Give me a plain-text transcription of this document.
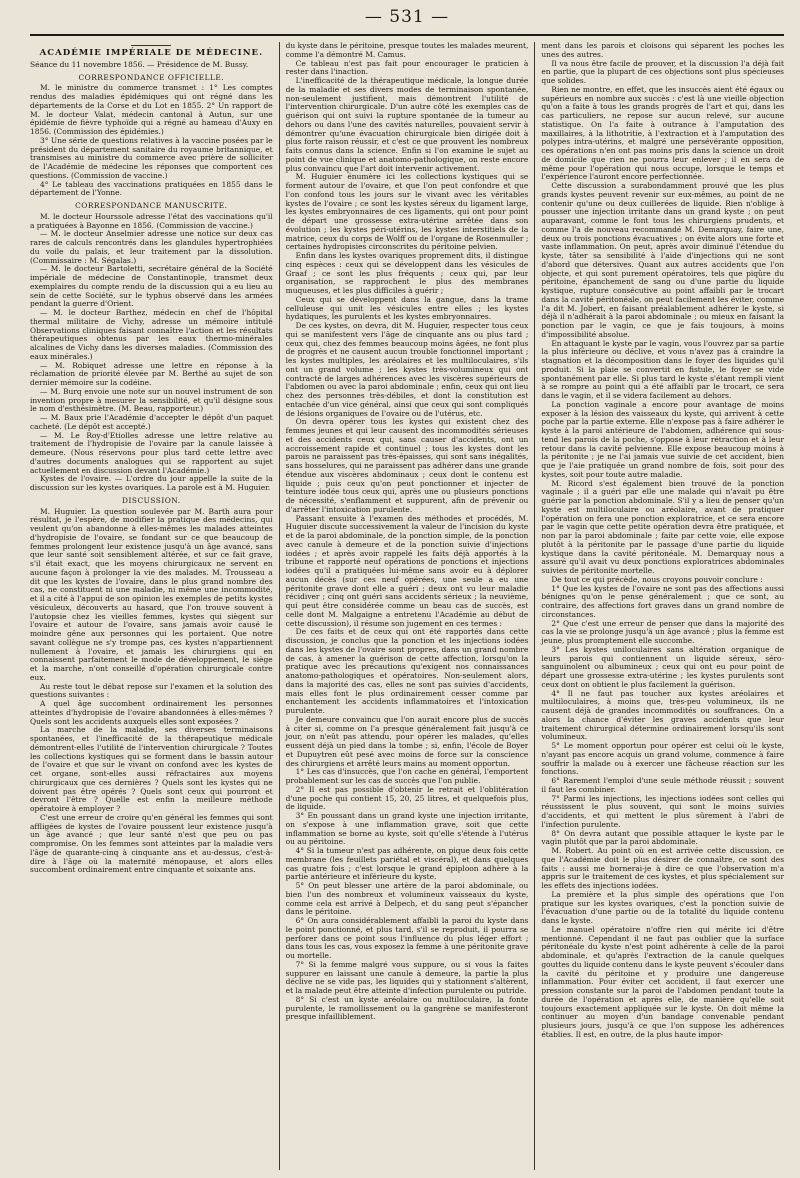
— 531 —
ACADÉMIE IMPÉRIALE DE MÉDECINE.

Séance du 11 novembre 1856. — Présidence de M. Bussy.

CORRESPONDANCE OFFICIELLE.

M. le ministre du commerce transmet : 1° Les comptes rendus des maladies épidémiques qui ont régné dans les départements de la Corse et du Lot en 1855. 2° Un rapport de M. le docteur Valat, médecin cantonal à Autun, sur une épidémie de fièvre typhoïde qui a régné au hameau d'Auxy en 1856. (Commission des épidémies.)

3° Une série de questions relatives à la vaccine posées par le président du département sanitaire du royaume britannique, et transmises au ministre du commerce avec prière de solliciter de l'Académie de médecine les réponses que comportent ces questions. (Commission de vaccine.)

4° Le tableau des vaccinations pratiquées en 1855 dans le département de l'Yonne.

CORRESPONDANCE MANUSCRITE.

M. le docteur Hourssole adresse l'état des vaccinations qu'il a pratiquées à Bayonne en 1856. (Commission de vaccine.)

— M. le docteur Anselmier adresse une notice sur deux cas rares de calculs rencontrés dans les glandules hypertrophiées du voile du palais, et leur traitement par la dissolution. (Commissaire : M. Ségalas.)

— M. le docteur Bartoletti, secrétaire général de la Société impériale de médecine de Constantinople, transmet deux exemplaires du compte rendu de la discussion qui a eu lieu au sein de cette Société, sur le typhus observé dans les armées pendant la guerre d'Orient.

— M. le docteur Barthez, médecin en chef de l'hôpital thermal militaire de Vichy, adresse un mémoire intitulé Observations cliniques faisant connaître l'action et les résultats thérapeutiques obtenus par les eaux thermo-minérales alcalines de Vichy dans les diverses maladies. (Commission des eaux minérales.)

— M. Robiquet adresse une lettre en réponse à la réclamation de priorité élevée par M. Berthé au sujet de son dernier mémoire sur la codéine.

— M. Burq envoie une note sur un nouvel instrument de son invention propre à mesurer la sensibilité, et qu'il désigne sous le nom d'esthésimètre. (M. Beau, rapporteur.)

— M. Baux prie l'Académie d'accepter le dépôt d'un paquet cacheté. (Le dépôt est accepté.)

— M. Le Roy-d'Etiolles adresse une lettre relative au traitement de l'hydropisie de l'ovaire par la canule laissée à demeure. (Nous réservons pour plus tard cette lettre avec d'autres documents analogues qui se rapportent au sujet actuellement en discussion devant l'Académie.)

Kystes de l'ovaire. — L'ordre du jour appelle la suite de la discussion sur les kystes ovariques. La parole est à M. Huguier.

DISCUSSION.

M. Huguier. La question soulevée par M. Barth aura pour résultat, je l'espère, de modifier la pratique des médecins, qui veulent qu'on abandonne à elles-mêmes les malades atteintes d'hydropisie de l'ovaire, se fondant sur ce que beaucoup de femmes prolongent leur existence jusqu'à un âge avancé, sans que leur santé soit sensiblement altérée, et sur ce fait grave, s'il était exact, que les moyens chirurgicaux ne servent en aucune façon à prolonger la vie des malades. M. Trousseau a dit que les kystes de l'ovaire, dans le plus grand nombre des cas, ne constituent ni une maladie, ni même une incommodité, et il a cité à l'appui de son opinion les exemples de petits kystes vésiculeux, découverts au hasard, que l'on trouve souvent à l'autopsie chez les vieilles femmes, kystes qui siègent sur l'ovaire et autour de l'ovaire, sans jamais avoir causé le moindre gêne aux personnes qui les portaient. Que notre savant collègue ne s'y trompe pas, ces kystes n'appartiennent nullement à l'ovaire, et jamais les chirurgiens qui en connaissent parfaitement le mode de développement, le siège et la marche, n'ont conseillé d'opération chirurgicale contre eux.

Au reste tout le débat repose sur l'examen et la solution des questions suivantes :

A quel âge succombent ordinairement les personnes atteintes d'hydropisie de l'ovaire abandonnées à elles-mêmes ? Quels sont les accidents auxquels elles sont exposées ?

La marche de la maladie, ses diverses terminaisons spontanées, et l'inefficacité de la thérapeutique médicale démontrent-elles l'utilité de l'intervention chirurgicale ? Toutes les collections kystiques qui se forment dans le bassin autour de l'ovaire et que sur le vivant on confond avec les kystes de cet organe, sont-elles aussi réfractaires aux moyens chirurgicaux que ces dernières ? Quels sont les kystes qui ne doivent pas être opérés ? Quels sont ceux qui pourront et devront l'être ? Quelle est enfin la meilleure méthode opératoire à employer ?

C'est une erreur de croire qu'en général les femmes qui sont affligées de kystes de l'ovaire poussent leur existence jusqu'à un âge avancé ; que leur santé n'est que peu ou pas compromise. On les femmes sont atteintes par la maladie vers l'âge de quarante-cinq à cinquante ans et au-dessus, c'est-à-dire à l'âge où la maternité ménopause, et alors elles succombent ordinairement entre cinquante et soixante ans.

du kyste dans le péritoine, presque toutes les malades meurent, comme l'a démontré M. Camus.

Ce tableau n'est pas fait pour encourager le praticien à rester dans l'inaction.

L'inefficacité de la thérapeutique médicale, la longue durée de la maladie et ses divers modes de terminaison spontanée, non-seulement justifient, mais démontrent l'utilité de l'intervention chirurgicale. D'un autre côté les exemples cas de guérison qui ont suivi la rupture spontanée de la tumeur au dehors ou dans l'une des cavités naturelles, pouvaient servir à démontrer qu'une évacuation chirurgicale bien dirigée doit à plus forte raison réussir, et c'est ce que prouvent les nombreux faits connus dans la science. Enfin si l'on examine le sujet au point de vue clinique et anatomo-pathologique, on reste encore plus convaincu que l'art doit intervenir activement.

M. Huguier énumère ici les collections kystiques qui se forment autour de l'ovaire, et que l'on peut confondre et que l'on confond tous les jours sur le vivant avec les véritables kystes de l'ovaire ; ce sont les kystes séreux du ligament large, les kystes embryonnaires de ces ligaments, qui ont pour point de départ une grossesse extra-utérine arrêtée dans son évolution ; les kystes péri-utérins, les kystes interstitiels de la matrice, ceux du corps de Wolff ou de l'organe de Rosenmuller ; certaines hydropisies circonscrites du péritoine pelvien.

Enfin dans les kystes ovariques proprement dits, il distingue cinq espèces : ceux qui se développent dans les vésicules de Graaf ; ce sont les plus fréquents ; ceux qui, par leur organisation, se rapprochent le plus des membranes muqueuses, et les plus difficiles à guérir ;

Ceux qui se développent dans la gangue, dans la trame celluleuse qui unit les vésicules entre elles ; les kystes hydatiques, les purulents et les kystes embryonnaires.

De ces kystes, on devra, dit M. Huguier, respecter tous ceux qui se manifestent vers l'âge de cinquante ans ou plus tard ; ceux qui, chez des femmes beaucoup moins âgées, ne font plus de progrès et ne causent aucun trouble fonctionnel important ; les kystes multiples, les aréolaires et les multiloculaires, s'ils ont un grand volume ; les kystes très-volumineux qui ont contracté de larges adhérences avec les viscères supérieurs de l'abdomen ou avec la paroi abdominale ; enfin, ceux qui ont lieu chez des personnes très-débiles, et dont la constitution est entachée d'un vice général, ainsi que ceux qui sont compliqués de lésions organiques de l'ovaire ou de l'utérus, etc.

On devra opérer tous les kystes qui existent chez des femmes jeunes et qui leur causent des incommodités sérieuses et des accidents ceux qui, sans causer d'accidents, ont un accroissement rapide et continuel ; tous les kystes dont les parois ne paraissent pas très-épaisses, qui sont sans inégalités, sans bosselures, qui ne paraissent pas adhérer dans une grande étendue aux viscères abdominaux ; ceux dont le contenu est liquide ; puis ceux qu'on peut ponctionner et injecter de teinture iodée tous ceux qui, après une ou plusieurs ponctions de nécessité, s'enflamment et suppurent, afin de prévenir ou d'arrêter l'intoxication purulente.

Passant ensuite à l'examen des méthodes et procédés, M. Huguier discute successivement la valeur de l'incision du kyste et de la paroi abdominale, de la ponction simple, de la ponction avec canule à demeure et de la ponction suivie d'injections iodées ; et après avoir rappelé les faits déjà apportés à la tribune et rapporté neuf opérations de ponctions et injections iodées qu'il a pratiquées lui-même sans avoir eu à déplorer aucun décès (sur ces neuf opérées, une seule a eu une péritonite grave dont elle a guéri ; deux ont vu leur maladie récidiver ; cinq ont guéri sans accidents sérieux ; la neuvième, qui peut être considérée comme un beau cas de succès, est celle dont M. Malgaigne a entretenu l'Académie au début de cette discussion), il résume son jugement en ces termes :

De ces faits et de ceux qui ont été rapportés dans cette discussion, je conclus que la ponction et les injections iodées dans les kystes de l'ovaire sont propres, dans un grand nombre de cas, à amener la guérison de cette affection, lorsqu'on la pratique avec les précautions qu'exigent nos connaissances anatomo-pathologiques et opératoires. Non-seulement alors, dans la majorité des cas, elles ne sont pas suivies d'accidents, mais elles font le plus ordinairement cesser comme par enchantement les accidents inflammatoires et l'intoxication purulente.

Je demeure convaincu que l'on aurait encore plus de succès à citer si, comme on l'a presque généralement fait jusqu'à ce jour, on n'eût pas attendu, pour opérer les malades, qu'elles eussent déjà un pied dans la tombe ; si, enfin, l'école de Boyer et Dupuytren eût pesé avec moins de force sur la conscience des chirurgiens et arrêté leurs mains au moment opportun.

1° Les cas d'insuccès, que l'on cache en général, l'emportent probablement sur les cas de succès que l'on publie.

2° Il est pas possible d'obtenir le retrait et l'oblitération d'une poche qui contient 15, 20, 25 litres, et quelquefois plus, de liquide.

3° En poussant dans un grand kyste une injection irritante, on s'expose à une inflammation grave, soit que cette inflammation se borne au kyste, soit qu'elle s'étende à l'utérus ou au péritoine.

4° Si la tumeur n'est pas adhérente, on pique deux fois cette membrane (les feuillets pariétal et viscéral), et dans quelques cas quatre fois ; c'est lorsque le grand épiploon adhère à la partie antérieure et inférieure du kyste.

5° On peut blesser une artère de la paroi abdominale, ou bien l'un des nombreux et volumineux vaisseaux du kyste, comme cela est arrivé à Delpech, et du sang peut s'épancher dans le péritoine.

6° On aura considérablement affaibli la paroi du kyste dans le point ponctionné, et plus tard, s'il se reproduit, il pourra se perforer dans ce point sous l'influence du plus léger effort ; dans tous les cas, vous exposez la femme à une péritonite grave ou mortelle.

7° Si la femme malgré vous suppure, ou si vous la faites suppurer en laissant une canule à demeure, la partie la plus déclive ne se vide pas, les liquides qui y stationnent s'altèrent, et la malade peut être atteinte d'infection purulente ou putride.

8° Si c'est un kyste aréolaire ou multiloculaire, la fonte purulente, le ramollissement ou la gangrène se manifesteront presque infailliblement.

ment dans les parois et cloisons qui séparent les poches les unes des autres.

Il va nous être facile de prouver, et la discussion l'a déjà fait en partie, que la plupart de ces objections sont plus spécieuses que solides.

Rien ne montre, en effet, que les insuccès aient été égaux ou supérieurs en nombre aux succès : c'est là une vieille objection qu'on a faite à tous les grands progrès de l'art et qui, dans les cas particuliers, ne repose sur aucun relevé, sur aucune statistique. On l'a faite à outrance à l'amputation des maxillaires, à la lithotritie, à l'extraction et à l'amputation des polypes intra-utérins, et malgré une persévérante opposition, ces opérations n'en ont pas moins pris dans la science un droit de domicile que rien ne pourra leur enlever ; il en sera de même pour l'opération qui nous occupe, lorsque le temps et l'expérience l'auront encore perfectionnée.

Cette discussion a surabondamment prouvé que les plus grands kystes peuvent revenir sur eux-mêmes, au point de ne contenir qu'une ou deux cuillerées de liquide. Rien n'oblige à pousser une injection irritante dans un grand kyste ; on peut auparavant, comme le font tous les chirurgiens prudents, et comme l'a de nouveau recommandé M. Demarquay, faire une, deux ou trois ponctions évacuatives ; on évite alors une forte et vaste inflammation. On peut, après avoir diminué l'étendue du kyste, tâter sa sensibilité à l'aide d'injections qui ne sont d'abord que détersives. Quant aux autres accidents que l'on objecte, et qui sont purement opératoires, tels que piqûre du péritoine, épanchement de sang ou d'une partie du liquide kystique, rupture consécutive au point affaibli par le trocart dans la cavité péritonéale, on peut facilement les éviter, comme l'a dit M. Jobert, en faisant préalablement adhérer le kyste, si déjà il n'adhérait à la paroi abdominale ; ou mieux en faisant la ponction par le vagin, ce que je fais toujours, à moins d'impossibilité absolue.

En attaquant le kyste par le vagin, vous l'ouvrez par sa partie la plus inférieure ou déclive, et vous n'avez pas à craindre la stagnation et la décomposition dans le foyer des liquides qu'il produit. Si la plaie se convertit en fistule, le foyer se vide spontanément par elle. Si plus tard le kyste s'étant rempli vient à se rompre au point qui a été affaibli par le trocart, ce sera dans le vagin, et il se videra facilement au dehors.

La ponction vaginale a encore pour avantage de moins exposer à la lésion des vaisseaux du kyste, qui arrivent à cette poche par la partie externe. Elle n'expose pas à faire adhérer le kyste à la paroi antérieure de l'abdomen, adhérence qui sous-tend les parois de la poche, s'oppose à leur rétraction et à leur retour dans la cavité pelvienne. Elle expose beaucoup moins à la péritonite ; je ne l'ai jamais vue suivie de cet accident, bien que je l'aie pratiquée un grand nombre de fois, soit pour des kystes, soit pour toute autre maladie.

M. Ricord s'est également bien trouvé de la ponction vaginale ; il a guéri par elle une malade qui n'avait pu être guérie par la ponction abdominale. S'il y a lieu de penser qu'un kyste est multiloculaire ou aréolaire, avant de pratiquer l'opération on fera une ponction exploratrice, et ce sera encore par le vagin que cette petite opération devra être pratiquée, et non par la paroi abdominale ; faite par cette voie, elle expose plutôt à la péritonite par le passage d'une partie du liquide kystique dans la cavité péritonéale. M. Demarquay nous a assuré qu'il avait vu deux ponctions exploratrices abdominales suivies de péritonite mortelle.

De tout ce qui précède, nous croyons pouvoir conclure :

1° Que les kystes de l'ovaire ne sont pas des affections aussi bénignes qu'on le pense généralement ; que ce sont, au contraire, des affections fort graves dans un grand nombre de circonstances.

2° Que c'est une erreur de penser que dans la majorité des cas la vie se prolonge jusqu'à un âge avancé ; plus la femme est jeune, plus promptement elle succombe.

3° Les kystes uniloculaires sans altération organique de leurs parois qui contiennent un liquide séreux, séro-sanguinolent ou albumineux ; ceux qui ont eu pour point de départ une grossesse extra-utérine ; les kystes purulents sont ceux dont on obtient le plus facilement la guérison.

4° Il ne faut pas toucher aux kystes aréolaires et multiloculaires, à moins que, très-peu volumineux, ils ne causent déjà de grandes incommodités ou souffrances. On a alors la chance d'éviter les graves accidents que leur traitement chirurgical détermine ordinairement lorsqu'ils sont volumineux.

5° Le moment opportun pour opérer est celui où le kyste, n'ayant pas encore acquis un grand volume, commence à faire souffrir la malade ou à exercer une fâcheuse réaction sur les fonctions.

6° Rarement l'emploi d'une seule méthode réussit ; souvent il faut les combiner.

7° Parmi les injections, les injections iodées sont celles qui réussissent le plus souvent, qui sont le moins suivies d'accidents, et qui mettent le plus sûrement à l'abri de l'infection purulente.

8° On devra autant que possible attaquer le kyste par le vagin plutôt que par la paroi abdominale.

M. Robert. Au point où en est arrivée cette discussion, ce que l'Académie doit le plus désirer de connaître, ce sont des faits : aussi me bornerai-je à dire ce que l'observation m'a appris sur le traitement de ces kystes, et plus spécialement sur les effets des injections iodées.

La première et la plus simple des opérations que l'on pratique sur les kystes ovariques, c'est la ponction suivie de l'évacuation d'une partie ou de la totalité du liquide contenu dans le kyste.

Le manuel opératoire n'offre rien qui mérite ici d'être mentionné. Cependant il ne faut pas oublier que la surface péritonéale du kyste n'est point adhérente à celle de la paroi abdominale, et qu'après l'extraction de la canule quelques gouttes du liquide contenu dans le kyste peuvent s'écouler dans la cavité du péritoine et y produire une dangereuse inflammation. Pour éviter cet accident, il faut exercer une pression constante sur la paroi de l'abdomen pendant toute la durée de l'opération et après elle, de manière qu'elle soit toujours exactement appliquée sur le kyste. On doit même la continuer au moyen d'un bandage convenable pendant plusieurs jours, jusqu'à ce que l'on suppose les adhérences établies. Il est, en outre, de la plus haute impor-
